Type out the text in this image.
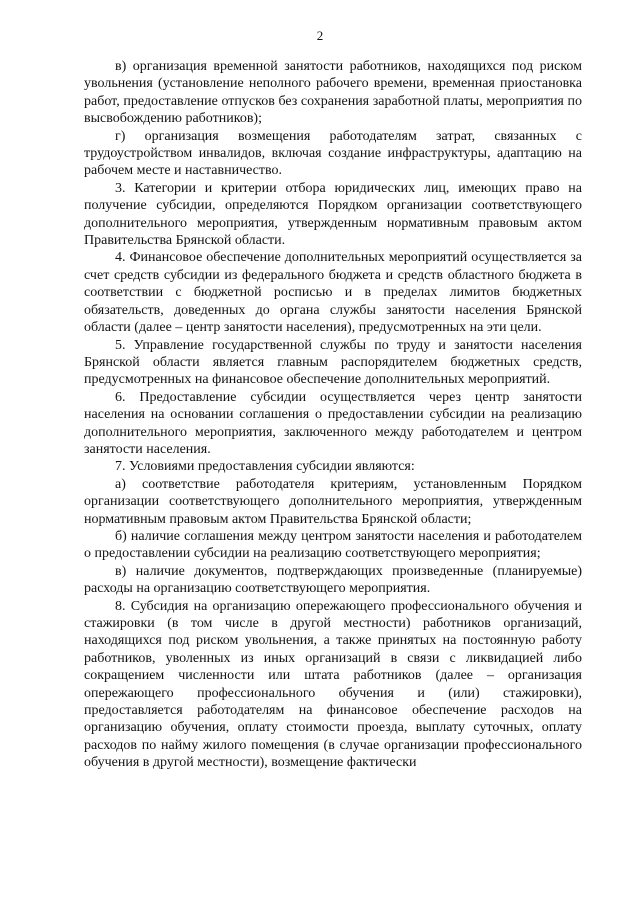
2

в) организация временной занятости работников, находящихся под риском увольнения (установление неполного рабочего времени, временная приостановка работ, предоставление отпусков без сохранения заработной платы, мероприятия по высвобождению работников);

г) организация возмещения работодателям затрат, связанных с трудоустройством инвалидов, включая создание инфраструктуры, адаптацию на рабочем месте и наставничество.

3. Категории и критерии отбора юридических лиц, имеющих право на получение субсидии, определяются Порядком организации соответствующего дополнительного мероприятия, утвержденным нормативным правовым актом Правительства Брянской области.

4. Финансовое обеспечение дополнительных мероприятий осуществляется за счет средств субсидии из федерального бюджета и средств областного бюджета в соответствии с бюджетной росписью и в пределах лимитов бюджетных обязательств, доведенных до органа службы занятости населения Брянской области (далее – центр занятости населения), предусмотренных на эти цели.

5. Управление государственной службы по труду и занятости населения Брянской области является главным распорядителем бюджетных средств, предусмотренных на финансовое обеспечение дополнительных мероприятий.

6. Предоставление субсидии осуществляется через центр занятости населения на основании соглашения о предоставлении субсидии на реализацию дополнительного мероприятия, заключенного между работодателем и центром занятости населения.

7. Условиями предоставления субсидии являются:

а) соответствие работодателя критериям, установленным Порядком организации соответствующего дополнительного мероприятия, утвержденным нормативным правовым актом Правительства Брянской области;

б) наличие соглашения между центром занятости населения и работодателем о предоставлении субсидии на реализацию соответствующего мероприятия;

в) наличие документов, подтверждающих произведенные (планируемые) расходы на организацию соответствующего мероприятия.

8. Субсидия на организацию опережающего профессионального обучения и стажировки (в том числе в другой местности) работников организаций, находящихся под риском увольнения, а также принятых на постоянную работу работников, уволенных из иных организаций в связи с ликвидацией либо сокращением численности или штата работников (далее – организация опережающего профессионального обучения и (или) стажировки), предоставляется работодателям на финансовое обеспечение расходов на организацию обучения, оплату стоимости проезда, выплату суточных, оплату расходов по найму жилого помещения (в случае организации профессионального обучения в другой местности), возмещение фактически
